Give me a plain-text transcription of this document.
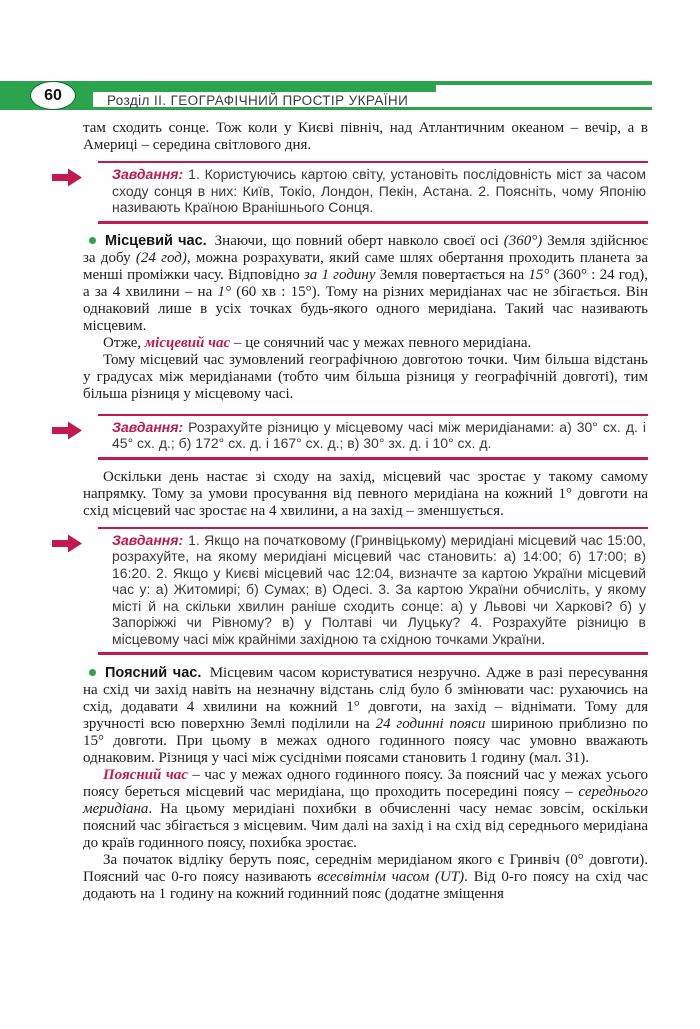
60	Розділ ІІ. ГЕОГРАФІЧНИЙ ПРОСТІР УКРАЇНИ

там сходить сонце. Тож коли у Києві північ, над Атлантичним океаном – вечір, а в Америці – середина світлового дня.

Завдання: 1. Користуючись картою світу, установіть послідовність міст за часом сходу сонця в них: Київ, Токіо, Лондон, Пекін, Астана. 2. Поясніть, чому Японію називають Країною Вранішнього Сонця.

Місцевий час. Знаючи, що повний оберт навколо своєї осі (360°) Земля здійснює за добу (24 год), можна розрахувати, який саме шлях обертання проходить планета за менші проміжки часу. Відповідно за 1 годину Земля повертається на 15° (360° : 24 год), а за 4 хвилини – на 1° (60 хв : 15°). Тому на різних меридіанах час не збігається. Він однаковий лише в усіх точках будь-якого одного меридіана. Такий час називають місцевим.

Отже, місцевий час – це сонячний час у межах певного меридіана.

Тому місцевий час зумовлений географічною довготою точки. Чим більша відстань у градусах між меридіанами (тобто чим більша різниця у географічній довготі), тим більша різниця у місцевому часі.

Завдання: Розрахуйте різницю у місцевому часі між меридіанами: а) 30° сх. д. і 45° сх. д.; б) 172° сх. д. і 167° сх. д.; в) 30° зх. д. і 10° сх. д.

Оскільки день настає зі сходу на захід, місцевий час зростає у такому самому напрямку. Тому за умови просування від певного меридіана на кожний 1° довготи на схід місцевий час зростає на 4 хвилини, а на захід – зменшується.

Завдання: 1. Якщо на початковому (Гринвіцькому) меридіані місцевий час 15:00, розрахуйте, на якому меридіані місцевий час становить: а) 14:00; б) 17:00; в) 16:20. 2. Якщо у Києві місцевий час 12:04, визначте за картою України місцевий час у: а) Житомирі; б) Сумах; в) Одесі. 3. За картою України обчисліть, у якому місті й на скільки хвилин раніше сходить сонце: а) у Львові чи Харкові? б) у Запоріжжі чи Рівному? в) у Полтаві чи Луцьку? 4. Розрахуйте різницю в місцевому часі між крайніми західною та східною точками України.

Поясний час. Місцевим часом користуватися незручно. Адже в разі пересування на схід чи захід навіть на незначну відстань слід було б змінювати час: рухаючись на схід, додавати 4 хвилини на кожний 1° довготи, на захід – віднімати. Тому для зручності всю поверхню Землі поділили на 24 годинні пояси шириною приблизно по 15° довготи. При цьому в межах одного годинного поясу час умовно вважають однаковим. Різниця у часі між сусідніми поясами становить 1 годину (мал. 31).

Поясний час – час у межах одного годинного поясу. За поясний час у межах усього поясу береться місцевий час меридіана, що проходить посередині поясу – середнього меридіана. На цьому меридіані похибки в обчисленні часу немає зовсім, оскільки поясний час збігається з місцевим. Чим далі на захід і на схід від середнього меридіана до країв годинного поясу, похибка зростає.

За початок відліку беруть пояс, середнім меридіаном якого є Гринвіч (0° довготи). Поясний час 0-го поясу називають всесвітнім часом (UT). Від 0-го поясу на схід час додають на 1 годину на кожний годинний пояс (додатне зміщення
